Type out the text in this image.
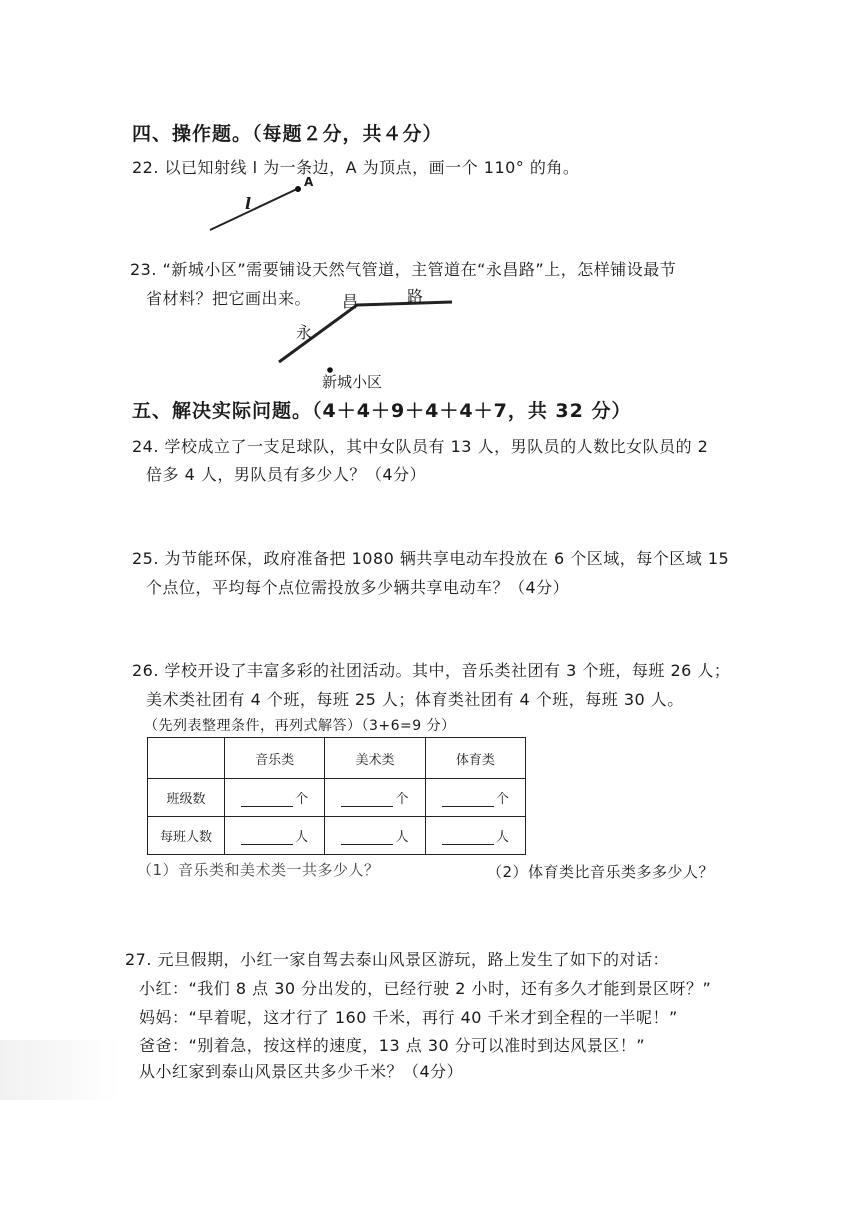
四、操作题。（每题２分，共４分）
22. 以已知射线 l 为一条边，A 为顶点，画一个 110° 的角。
l
A
23. “新城小区”需要铺设天然气管道，主管道在“永昌路”上，怎样铺设最节
省材料？把它画出来。
永
昌	路
新城小区
五、解决实际问题。（4＋4＋9＋4＋4＋7，共 32 分）
24. 学校成立了一支足球队，其中女队员有 13 人，男队员的人数比女队员的 2
倍多 4 人，男队员有多少人？（4分）
25. 为节能环保，政府准备把 1080 辆共享电动车投放在 6 个区域，每个区域 15
个点位，平均每个点位需投放多少辆共享电动车？（4分）
26. 学校开设了丰富多彩的社团活动。其中，音乐类社团有 3 个班，每班 26 人；
美术类社团有 4 个班，每班 25 人；体育类社团有 4 个班，每班 30 人。
（先列表整理条件，再列式解答）（3+6=9 分）
	音乐类	美术类	体育类
班级数	个	个	个
每班人数	人	人	人
（1）音乐类和美术类一共多少人？	（2）体育类比音乐类多多少人？
27. 元旦假期，小红一家自驾去泰山风景区游玩，路上发生了如下的对话：
小红：“我们 8 点 30 分出发的，已经行驶 2 小时，还有多久才能到景区呀？”
妈妈：“早着呢，这才行了 160 千米，再行 40 千米才到全程的一半呢！”
爸爸：“别着急，按这样的速度，13 点 30 分可以准时到达风景区！”
从小红家到泰山风景区共多少千米？（4分）
